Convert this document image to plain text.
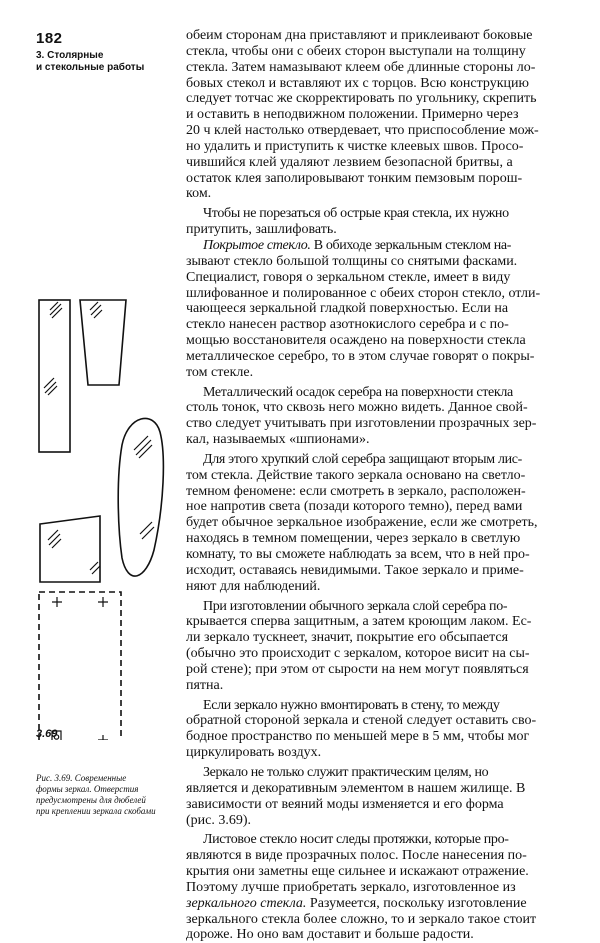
182
3. Столярные
и стекольные работы
3.69
Рис. 3.69. Современные
формы зеркал. Отверстия
предусмотрены для дюбелей
при креплении зеркала скобами

обеим сторонам дна приставляют и приклеивают боковые
стекла, чтобы они с обеих сторон выступали на толщину
стекла. Затем намазывают клеем обе длинные стороны ло-
бовых стекол и вставляют их с торцов. Всю конструкцию
следует тотчас же скорректировать по угольнику, скрепить
и оставить в неподвижном положении. Примерно через
20 ч клей настолько отвердевает, что приспособление мож-
но удалить и приступить к чистке клеевых швов. Просо-
чившийся клей удаляют лезвием безопасной бритвы, а
остаток клея заполировывают тонким пемзовым порош-
ком.

Чтобы не порезаться об острые края стекла, их нужно
притупить, зашлифовать.

Покрытое стекло. В обиходе зеркальным стеклом на-
зывают стекло большой толщины со снятыми фасками.
Специалист, говоря о зеркальном стекле, имеет в виду
шлифованное и полированное с обеих сторон стекло, отли-
чающееся зеркальной гладкой поверхностью. Если на
стекло нанесен раствор азотнокислого серебра и с по-
мощью восстановителя осаждено на поверхности стекла
металлическое серебро, то в этом случае говорят о покры-
том стекле.

Металлический осадок серебра на поверхности стекла
столь тонок, что сквозь него можно видеть. Данное свой-
ство следует учитывать при изготовлении прозрачных зер-
кал, называемых «шпионами».

Для этого хрупкий слой серебра защищают вторым лис-
том стекла. Действие такого зеркала основано на светло-
темном феномене: если смотреть в зеркало, расположен-
ное напротив света (позади которого темно), перед вами
будет обычное зеркальное изображение, если же смотреть,
находясь в темном помещении, через зеркало в светлую
комнату, то вы сможете наблюдать за всем, что в ней про-
исходит, оставаясь невидимыми. Такое зеркало и приме-
няют для наблюдений.

При изготовлении обычного зеркала слой серебра по-
крывается сперва защитным, а затем кроющим лаком. Ес-
ли зеркало тускнеет, значит, покрытие его обсыпается
(обычно это происходит с зеркалом, которое висит на сы-
рой стене); при этом от сырости на нем могут появляться
пятна.

Если зеркало нужно вмонтировать в стену, то между
обратной стороной зеркала и стеной следует оставить сво-
бодное пространство по меньшей мере в 5 мм, чтобы мог
циркулировать воздух.

Зеркало не только служит практическим целям, но
является и декоративным элементом в нашем жилище. В
зависимости от веяний моды изменяется и его форма
(рис. 3.69).

Листовое стекло носит следы протяжки, которые про-
являются в виде прозрачных полос. После нанесения по-
крытия они заметны еще сильнее и искажают отражение.
Поэтому лучше приобретать зеркало, изготовленное из
зеркального стекла. Разумеется, поскольку изготовление
зеркального стекла более сложно, то и зеркало такое стоит
дороже. Но оно вам доставит и больше радости.
